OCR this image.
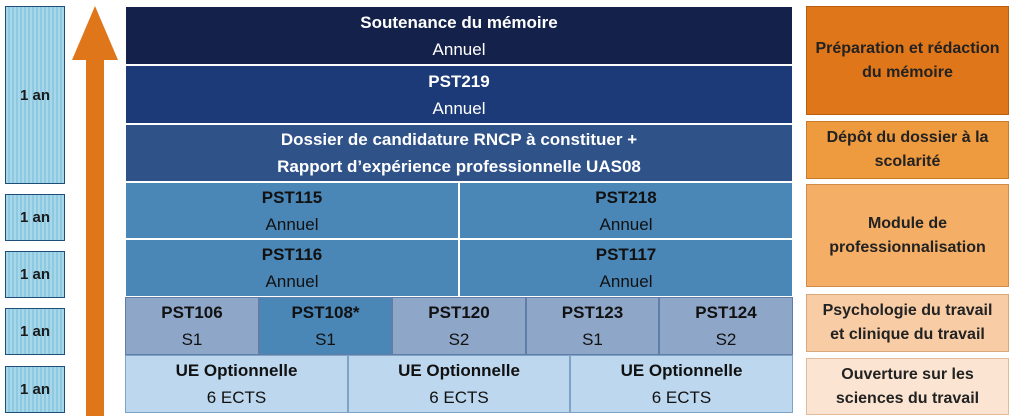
1 an
1 an
1 an
1 an
1 an
Soutenance du mémoire
Annuel
PST219
Annuel
Dossier de candidature RNCP à constituer +
Rapport d’expérience professionnelle UAS08
PST115
Annuel
PST218
Annuel
PST116
Annuel
PST117
Annuel
PST106
S1
PST108*
S1
PST120
S2
PST123
S1
PST124
S2
UE Optionnelle
6 ECTS
UE Optionnelle
6 ECTS
UE Optionnelle
6 ECTS
Préparation et rédaction du mémoire
Dépôt du dossier à la scolarité
Module de professionnalisation
Psychologie du travail et clinique du travail
Ouverture sur les sciences du travail
